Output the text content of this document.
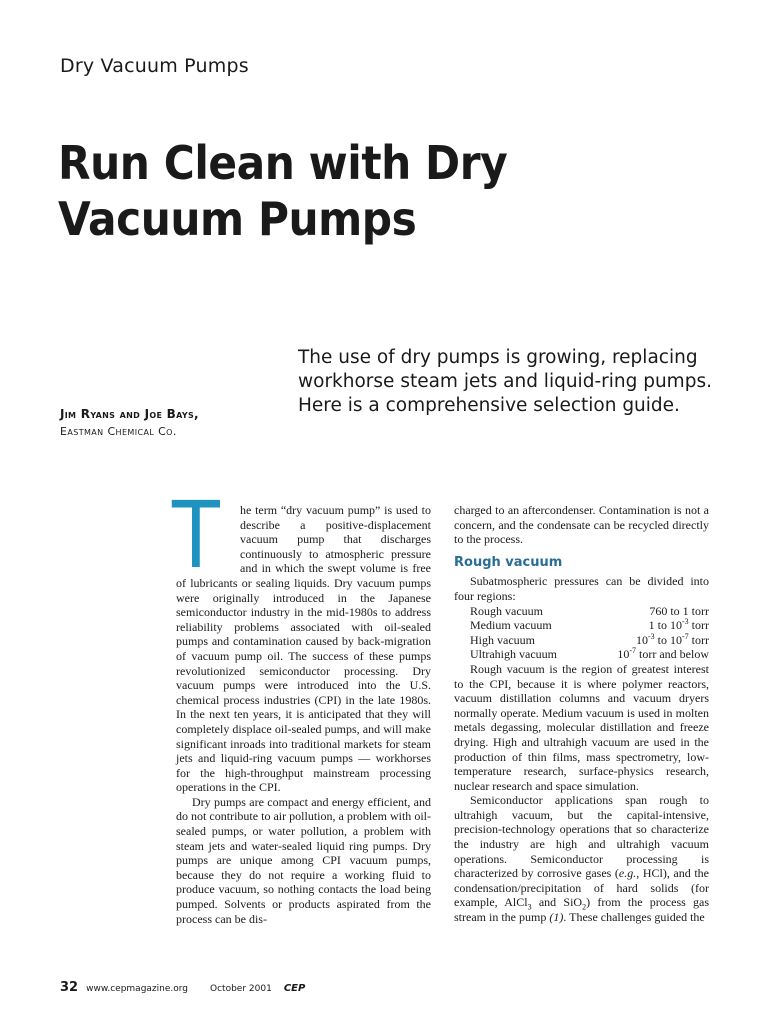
Dry Vacuum Pumps
Run Clean with Dry Vacuum Pumps
The use of dry pumps is growing, replacing workhorse steam jets and liquid-ring pumps. Here is a comprehensive selection guide.
Jim Ryans and Joe Bays,
Eastman Chemical Co.

T he term “dry vacuum pump” is used to describe a positive-displacement vacuum pump that discharges continuously to atmospheric pressure and in which the swept volume is free of lubricants or sealing liquids. Dry vacuum pumps were originally introduced in the Japanese semiconductor industry in the mid-1980s to address reliability problems associated with oil-sealed pumps and contamination caused by back-migration of vacuum pump oil. The success of these pumps revolutionized semiconductor processing. Dry vacuum pumps were introduced into the U.S. chemical process industries (CPI) in the late 1980s. In the next ten years, it is anticipated that they will completely displace oil-sealed pumps, and will make significant inroads into traditional markets for steam jets and liquid-ring vacuum pumps — workhorses for the high-throughput mainstream processing operations in the CPI.

Dry pumps are compact and energy efficient, and do not contribute to air pollution, a problem with oil-sealed pumps, or water pollution, a problem with steam jets and water-sealed liquid ring pumps. Dry pumps are unique among CPI vacuum pumps, because they do not require a working fluid to produce vacuum, so nothing contacts the load being pumped. Solvents or products aspirated from the process can be dis-

charged to an aftercondenser. Contamination is not a concern, and the condensate can be recycled directly to the process.

Rough vacuum

Subatmospheric pressures can be divided into four regions:

Rough vacuum	760 to 1 torr
Medium vacuum	1 to $10^{-3}$ torr
High vacuum	$10^{-3}$ to $10^{-7}$ torr
Ultrahigh vacuum	$10^{-7}$ torr and below

Rough vacuum is the region of greatest interest to the CPI, because it is where polymer reactors, vacuum distillation columns and vacuum dryers normally operate. Medium vacuum is used in molten metals degassing, molecular distillation and freeze drying. High and ultrahigh vacuum are used in the production of thin films, mass spectrometry, low-temperature research, surface-physics research, nuclear research and space simulation.

Semiconductor applications span rough to ultrahigh vacuum, but the capital-intensive, precision-technology operations that so characterize the industry are high and ultrahigh vacuum operations. Semiconductor processing is characterized by corrosive gases (e.g., HCl), and the condensation/precipitation of hard solids (for example, AlCl$_3$ and SiO$_2$) from the process gas stream in the pump (1). These challenges guided the

32 www.cepmagazine.org October 2001 CEP
